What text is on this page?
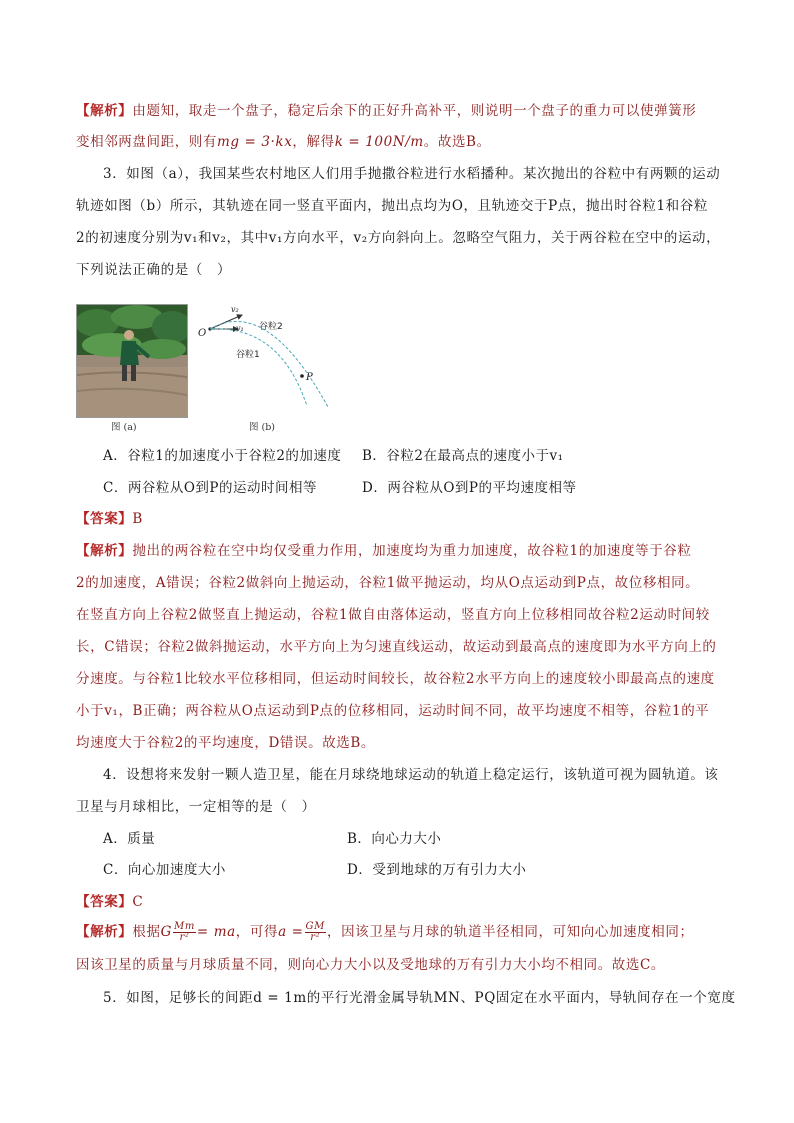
【解析】由题知，取走一个盘子，稳定后余下的正好升高补平，则说明一个盘子的重力可以使弹簧形
变相邻两盘间距，则有mg = 3·kx，解得k = 100N/m。故选B。
3．如图（a），我国某些农村地区人们用手抛撒谷粒进行水稻播种。某次抛出的谷粒中有两颗的运动
轨迹如图（b）所示，其轨迹在同一竖直平面内，抛出点均为O，且轨迹交于P点，抛出时谷粒1和谷粒
2的初速度分别为v₁和v₂，其中v₁方向水平，v₂方向斜向上。忽略空气阻力，关于两谷粒在空中的运动，
下列说法正确的是（　）
图 (a)
O
P
v₁
v₂
谷粒2
谷粒1
图 (b)
A．谷粒1的加速度小于谷粒2的加速度 B．谷粒2在最高点的速度小于v₁
C．两谷粒从O到P的运动时间相等	D．两谷粒从O到P的平均速度相等
【答案】B
【解析】抛出的两谷粒在空中均仅受重力作用，加速度均为重力加速度，故谷粒1的加速度等于谷粒
2的加速度，A错误；谷粒2做斜向上抛运动，谷粒1做平抛运动，均从O点运动到P点，故位移相同。
在竖直方向上谷粒2做竖直上抛运动，谷粒1做自由落体运动，竖直方向上位移相同故谷粒2运动时间较
长，C错误；谷粒2做斜抛运动，水平方向上为匀速直线运动，故运动到最高点的速度即为水平方向上的
分速度。与谷粒1比较水平位移相同，但运动时间较长，故谷粒2水平方向上的速度较小即最高点的速度
小于v₁，B正确；两谷粒从O点运动到P点的位移相同，运动时间不同，故平均速度不相等，谷粒1的平
均速度大于谷粒2的平均速度，D错误。故选B。
4．设想将来发射一颗人造卫星，能在月球绕地球运动的轨道上稳定运行，该轨道可视为圆轨道。该
卫星与月球相比，一定相等的是（　）
A．质量	B．向心力大小
C．向心加速度大小	D．受到地球的万有引力大小
【答案】C
【解析】根据G $\frac{Mm}{\text{r²}}$ = ma，可得$a = \frac{GM}{\text{r²}}$ ，因该卫星与月球的轨道半径相同，可知向心加速度相同；
因该卫星的质量与月球质量不同，则向心力大小以及受地球的万有引力大小均不相同。故选C。
5．如图，足够长的间距d = 1m的平行光滑金属导轨MN、PQ固定在水平面内，导轨间存在一个宽度
